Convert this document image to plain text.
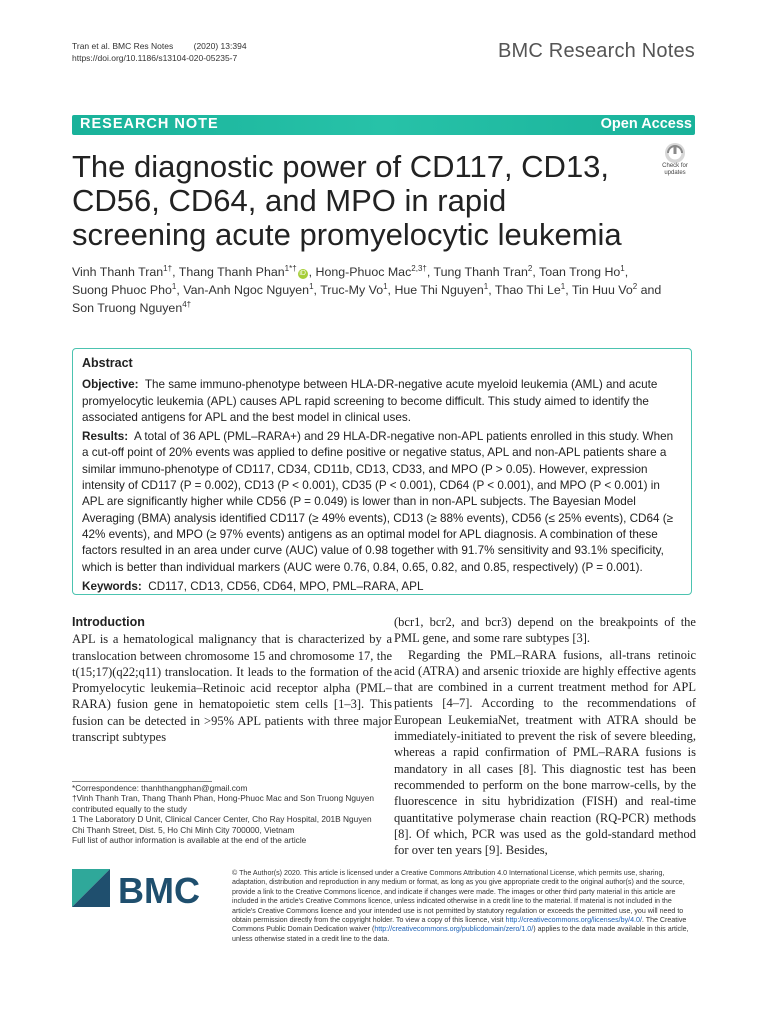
Tran et al. BMC Res Notes (2020) 13:394
https://doi.org/10.1186/s13104-020-05235-7	BMC Research Notes
RESEARCH NOTE	Open Access
Check for
updates
The diagnostic power of CD117, CD13, CD56, CD64, and MPO in rapid screening acute promyelocytic leukemia
Vinh Thanh Tran$^{1\dagger}$, Thang Thanh Phan$^{1*\dagger}$iD , Hong-Phuoc Mac$^{2,3\dagger}$, Tung Thanh Tran$^2$, Toan Trong Ho$^1$,
Suong Phuoc Pho$^1$, Van-Anh Ngoc Nguyen$^1$, Truc-My Vo$^1$, Hue Thi Nguyen$^1$, Thao Thi Le$^1$, Tin Huu Vo$^2$ and
Son Truong Nguyen$^{4\dagger}$

Abstract

Objective: The same immuno-phenotype between HLA-DR-negative acute myeloid leukemia (AML) and acute promyelocytic leukemia (APL) causes APL rapid screening to become difficult. This study aimed to identify the associated antigens for APL and the best model in clinical uses.

Results: A total of 36 APL (PML–RARA+) and 29 HLA-DR-negative non-APL patients enrolled in this study. When a cut-off point of 20% events was applied to define positive or negative status, APL and non-APL patients share a similar immuno-phenotype of CD117, CD34, CD11b, CD13, CD33, and MPO (P > 0.05). However, expression intensity of CD117 (P = 0.002), CD13 (P < 0.001), CD35 (P < 0.001), CD64 (P < 0.001), and MPO (P < 0.001) in APL are significantly higher while CD56 (P = 0.049) is lower than in non-APL subjects. The Bayesian Model Averaging (BMA) analysis identified CD117 (≥ 49% events), CD13 (≥ 88% events), CD56 (≤ 25% events), CD64 (≥ 42% events), and MPO (≥ 97% events) antigens as an optimal model for APL diagnosis. A combination of these factors resulted in an area under curve (AUC) value of 0.98 together with 91.7% sensitivity and 93.1% specificity, which is better than individual markers (AUC were 0.76, 0.84, 0.65, 0.82, and 0.85, respectively) (P = 0.001).

Keywords: CD117, CD13, CD56, CD64, MPO, PML–RARA, APL

Introduction

APL is a hematological malignancy that is characterized by a translocation between chromosome 15 and chromosome 17, the t(15;17)(q22;q11) translocation. It leads to the formation of the Promyelocytic leukemia–Retinoic acid receptor alpha (PML–RARA) fusion gene in hematopoietic stem cells [1–3]. This fusion can be detected in >95% APL patients with three major transcript subtypes

(bcr1, bcr2, and bcr3) depend on the breakpoints of the PML gene, and some rare subtypes [3].

Regarding the PML–RARA fusions, all-trans retinoic acid (ATRA) and arsenic trioxide are highly effective agents that are combined in a current treatment method for APL patients [4–7]. According to the recommendations of European LeukemiaNet, treatment with ATRA should be immediately-initiated to prevent the risk of severe bleeding, whereas a rapid confirmation of PML–RARA fusions is mandatory in all cases [8]. This diagnostic test has been recommended to perform on the bone marrow-cells, by the fluorescence in situ hybridization (FISH) and real-time quantitative polymerase chain reaction (RQ-PCR) methods [8]. Of which, PCR was used as the gold-standard method for over ten years [9]. Besides,

*Correspondence: thanhthangphan@gmail.com

†Vinh Thanh Tran, Thang Thanh Phan, Hong-Phuoc Mac and Son Truong Nguyen contributed equally to the study

1 The Laboratory D Unit, Clinical Cancer Center, Cho Ray Hospital, 201B Nguyen Chi Thanh Street, Dist. 5, Ho Chi Minh City 700000, Vietnam

Full list of author information is available at the end of the article

BMC	© The Author(s) 2020. This article is licensed under a Creative Commons Attribution 4.0 International License, which permits use, sharing, adaptation, distribution and reproduction in any medium or format, as long as you give appropriate credit to the original author(s) and the source, provide a link to the Creative Commons licence, and indicate if changes were made. The images or other third party material in this article are included in the article's Creative Commons licence, unless indicated otherwise in a credit line to the material. If material is not included in the article's Creative Commons licence and your intended use is not permitted by statutory regulation or exceeds the permitted use, you will need to obtain permission directly from the copyright holder. To view a copy of this licence, visit http://creativecommons.org/licenses/by/4.0/. The Creative Commons Public Domain Dedication waiver (http://creativecommons.org/publicdomain/zero/1.0/) applies to the data made available in this article, unless otherwise stated in a credit line to the data.
